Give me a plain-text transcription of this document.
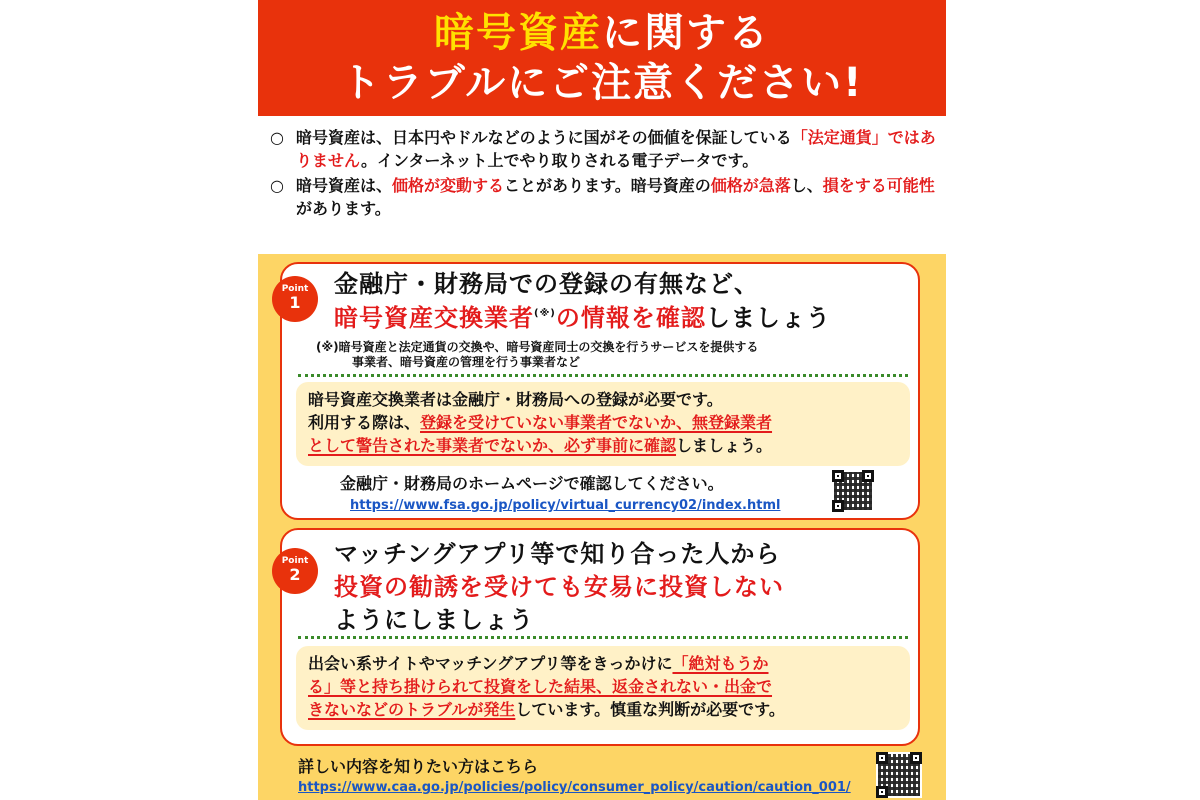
暗号資産に関する
トラブルにご注意ください!

○ 暗号資産は、日本円やドルなどのように国がその価値を保証している「法定通貨」ではありません。インターネット上でやり取りされる電子データです。

○ 暗号資産は、価格が変動することがあります。暗号資産の価格が急落し、損をする可能性があります。

Point
1
金融庁・財務局での登録の有無など、
暗号資産交換業者(※)の情報を確認しましょう
(※)暗号資産と法定通貨の交換や、暗号資産同士の交換を行うサービスを提供する
事業者、暗号資産の管理を行う事業者など
暗号資産交換業者は金融庁・財務局への登録が必要です。
利用する際は、登録を受けていない事業者でないか、無登録業者
として警告された事業者でないか、必ず事前に確認しましょう。
金融庁・財務局のホームページで確認してください。
https://www.fsa.go.jp/policy/virtual_currency02/index.html
Point
2
マッチングアプリ等で知り合った人から
投資の勧誘を受けても安易に投資しない
ようにしましょう
出会い系サイトやマッチングアプリ等をきっかけに「絶対もうか
る」等と持ち掛けられて投資をした結果、返金されない・出金で
きないなどのトラブルが発生しています。慎重な判断が必要です。
詳しい内容を知りたい方はこちら
https://www.caa.go.jp/policies/policy/consumer_policy/caution/caution_001/
